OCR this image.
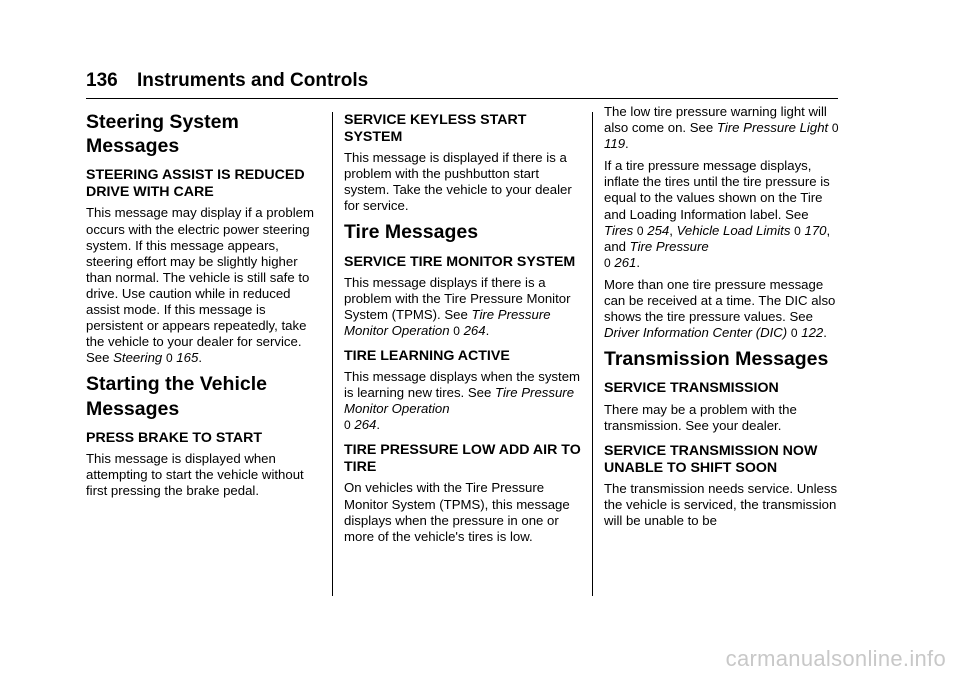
136 Instruments and Controls
Steering System Messages
STEERING ASSIST IS REDUCED DRIVE WITH CARE

This message may display if a problem occurs with the electric power steering system. If this message appears, steering effort may be slightly higher than normal. The vehicle is still safe to drive. Use caution while in reduced assist mode. If this message is persistent or appears repeatedly, take the vehicle to your dealer for service. See Steering 0 165.

Starting the Vehicle Messages
PRESS BRAKE TO START

This message is displayed when attempting to start the vehicle without first pressing the brake pedal.

SERVICE KEYLESS START SYSTEM

This message is displayed if there is a problem with the pushbutton start system. Take the vehicle to your dealer for service.

Tire Messages
SERVICE TIRE MONITOR SYSTEM

This message displays if there is a problem with the Tire Pressure Monitor System (TPMS). See Tire Pressure Monitor Operation 0 264.

TIRE LEARNING ACTIVE

This message displays when the system is learning new tires. See Tire Pressure Monitor Operation
0 264.

TIRE PRESSURE LOW ADD AIR TO TIRE

On vehicles with the Tire Pressure Monitor System (TPMS), this message displays when the pressure in one or more of the vehicle's tires is low.

The low tire pressure warning light will also come on. See Tire Pressure Light 0 119.

If a tire pressure message displays, inflate the tires until the tire pressure is equal to the values shown on the Tire and Loading Information label. See Tires 0 254, Vehicle Load Limits 0 170, and Tire Pressure
0 261.

More than one tire pressure message can be received at a time. The DIC also shows the tire pressure values. See Driver Information Center (DIC) 0 122.

Transmission Messages
SERVICE TRANSMISSION

There may be a problem with the transmission. See your dealer.

SERVICE TRANSMISSION NOW UNABLE TO SHIFT SOON

The transmission needs service. Unless the vehicle is serviced, the transmission will be unable to be

carmanualsonline.info
